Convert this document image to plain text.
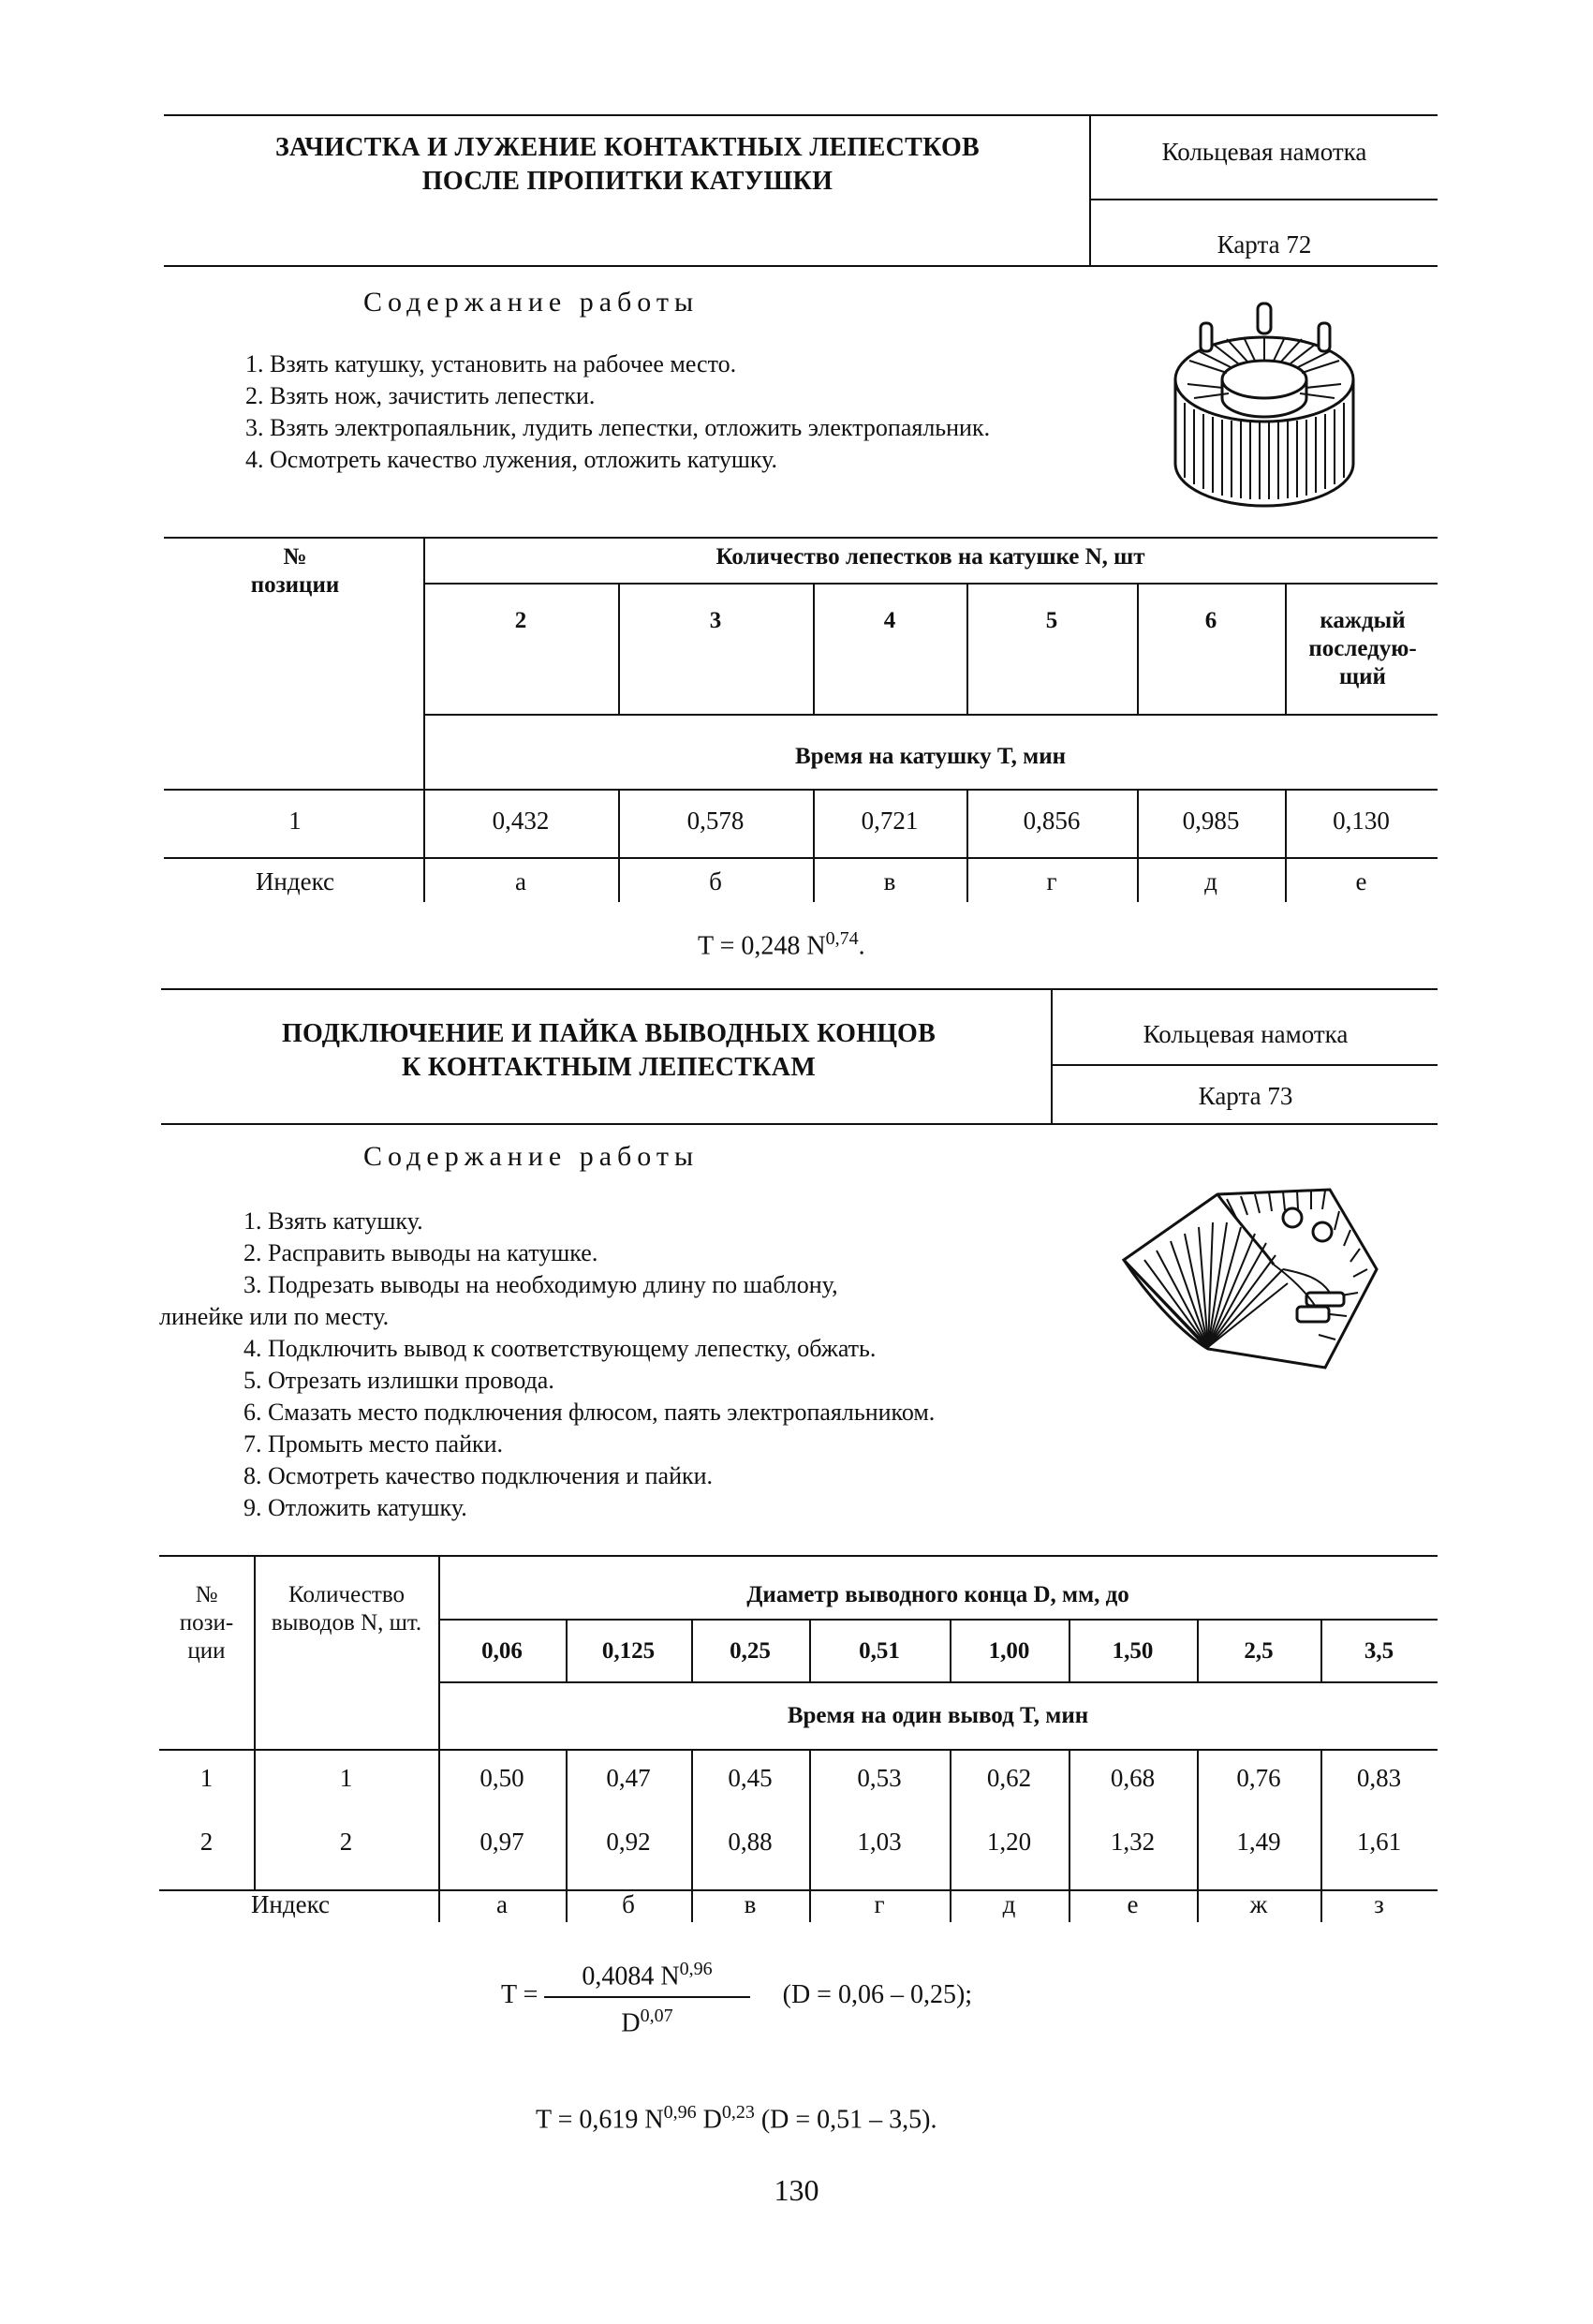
ЗАЧИСТКА И ЛУЖЕНИЕ КОНТАКТНЫХ ЛЕПЕСТКОВ
ПОСЛЕ ПРОПИТКИ КАТУШКИ
Кольцевая намотка
Карта 72
Содержание работы
1. Взять катушку, установить на рабочее место.
2. Взять нож, зачистить лепестки.
3. Взять электропаяльник, лудить лепестки, отложить электропаяльник.
4. Осмотреть качество лужения, отложить катушку.
№ позиции
Количество лепестков на катушке N, шт
2	3	4	5	6	каждый последую-щий
Время на катушку T, мин
1	0,432	0,578	0,721	0,856	0,985	0,130
Индекс	а	б	в	г	д	е
T = 0,248 N$^{0,74}$.
ПОДКЛЮЧЕНИЕ И ПАЙКА ВЫВОДНЫХ КОНЦОВ
К КОНТАКТНЫМ ЛЕПЕСТКАМ
Кольцевая намотка
Карта 73
Содержание работы
1. Взять катушку.
2. Расправить выводы на катушке.
3. Подрезать выводы на необходимую длину по шаблону, линейке или по месту.
4. Подключить вывод к соответствующему лепестку, обжать.
5. Отрезать излишки провода.
6. Смазать место подключения флюсом, паять электропаяльником.
7. Промыть место пайки.
8. Осмотреть качество подключения и пайки.
9. Отложить катушку.
№ пози-ции
Количество выводов N, шт.
Диаметр выводного конца D, мм, до
0,06	0,125	0,25	0,51	1,00	1,50	2,5	3,5
Время на один вывод T, мин
1	1	0,50	0,47	0,45	0,53	0,62	0,68	0,76	0,83
2	2	0,97	0,92	0,88	1,03	1,20	1,32	1,49	1,61
Индекс	а	б	в	г	д	е	ж	з
$T = \frac{0,4084 N^{0,96}}{D^{0,07}} (D = 0,06 - 0,25)$;
T = 0,619 N$^{0,96}$ D$^{0,23}$ (D = 0,51 – 3,5).
130
